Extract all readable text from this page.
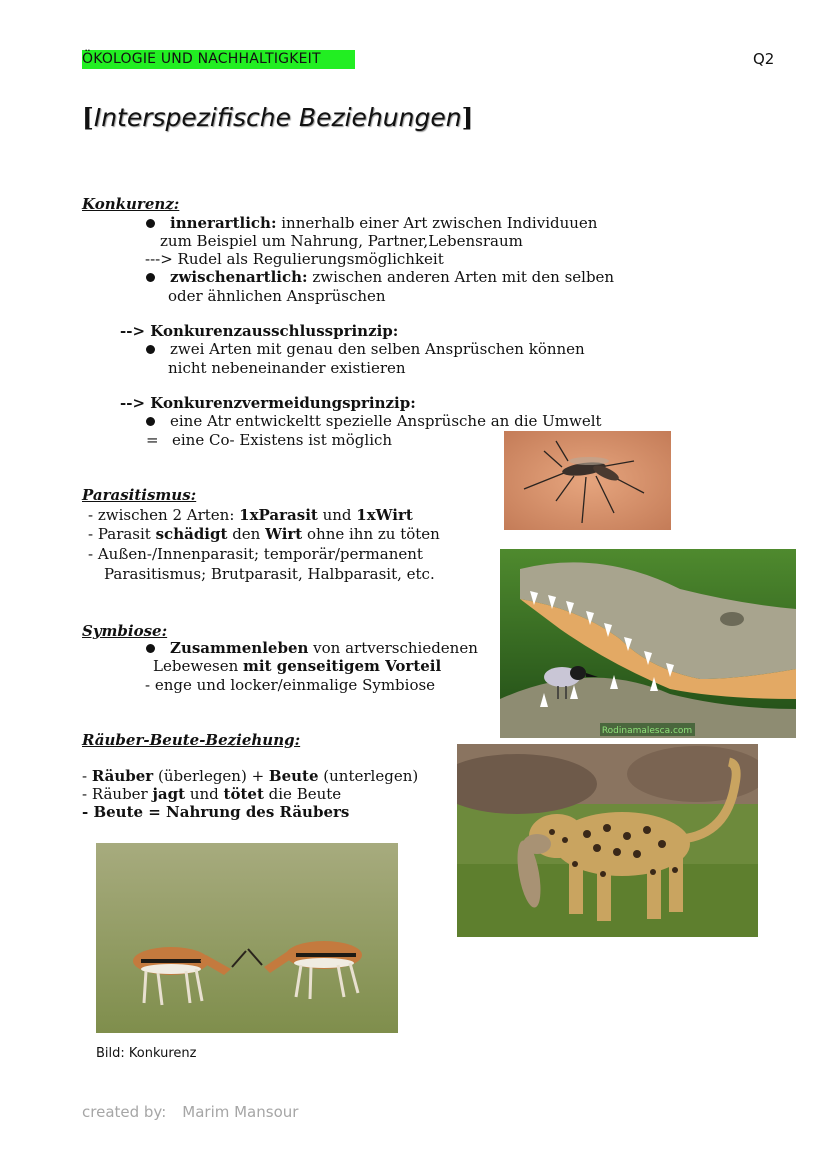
ÖKOLOGIE UND NACHHALTIGKEIT	Q2
[Interspezifische Beziehungen]
Konkurenz:
innerartlich: innerhalb einer Art zwischen Individuuen
zum Beispiel um Nahrung, Partner,Lebensraum
---> Rudel als Regulierungsmöglichkeit
zwischenartlich: zwischen anderen Arten mit den selben
oder ähnlichen Ansprüschen
--> Konkurenzausschlussprinzip:
zwei Arten mit genau den selben Ansprüschen können
nicht nebeneinander existieren
--> Konkurenzvermeidungsprinzip:
eine Atr entwickeltt spezielle Ansprüsche an die Umwelt
= eine Co- Existens ist möglich
Parasitismus:
- zwischen 2 Arten: 1xParasit und 1xWirt
- Parasit schädigt den Wirt ohne ihn zu töten
- Außen-/Innenparasit; temporär/permanent
Parasitismus; Brutparasit, Halbparasit, etc.
Symbiose:
Zusammenleben von artverschiedenen
Lebewesen mit genseitigem Vorteil
- enge und locker/einmalige Symbiose
Räuber-Beute-Beziehung:
- Räuber (überlegen) + Beute (unterlegen)
- Räuber jagt und tötet die Beute
- Beute = Nahrung des Räubers
Rodinamalesca.com
Bild: Konkurenz
created by: Marim Mansour
